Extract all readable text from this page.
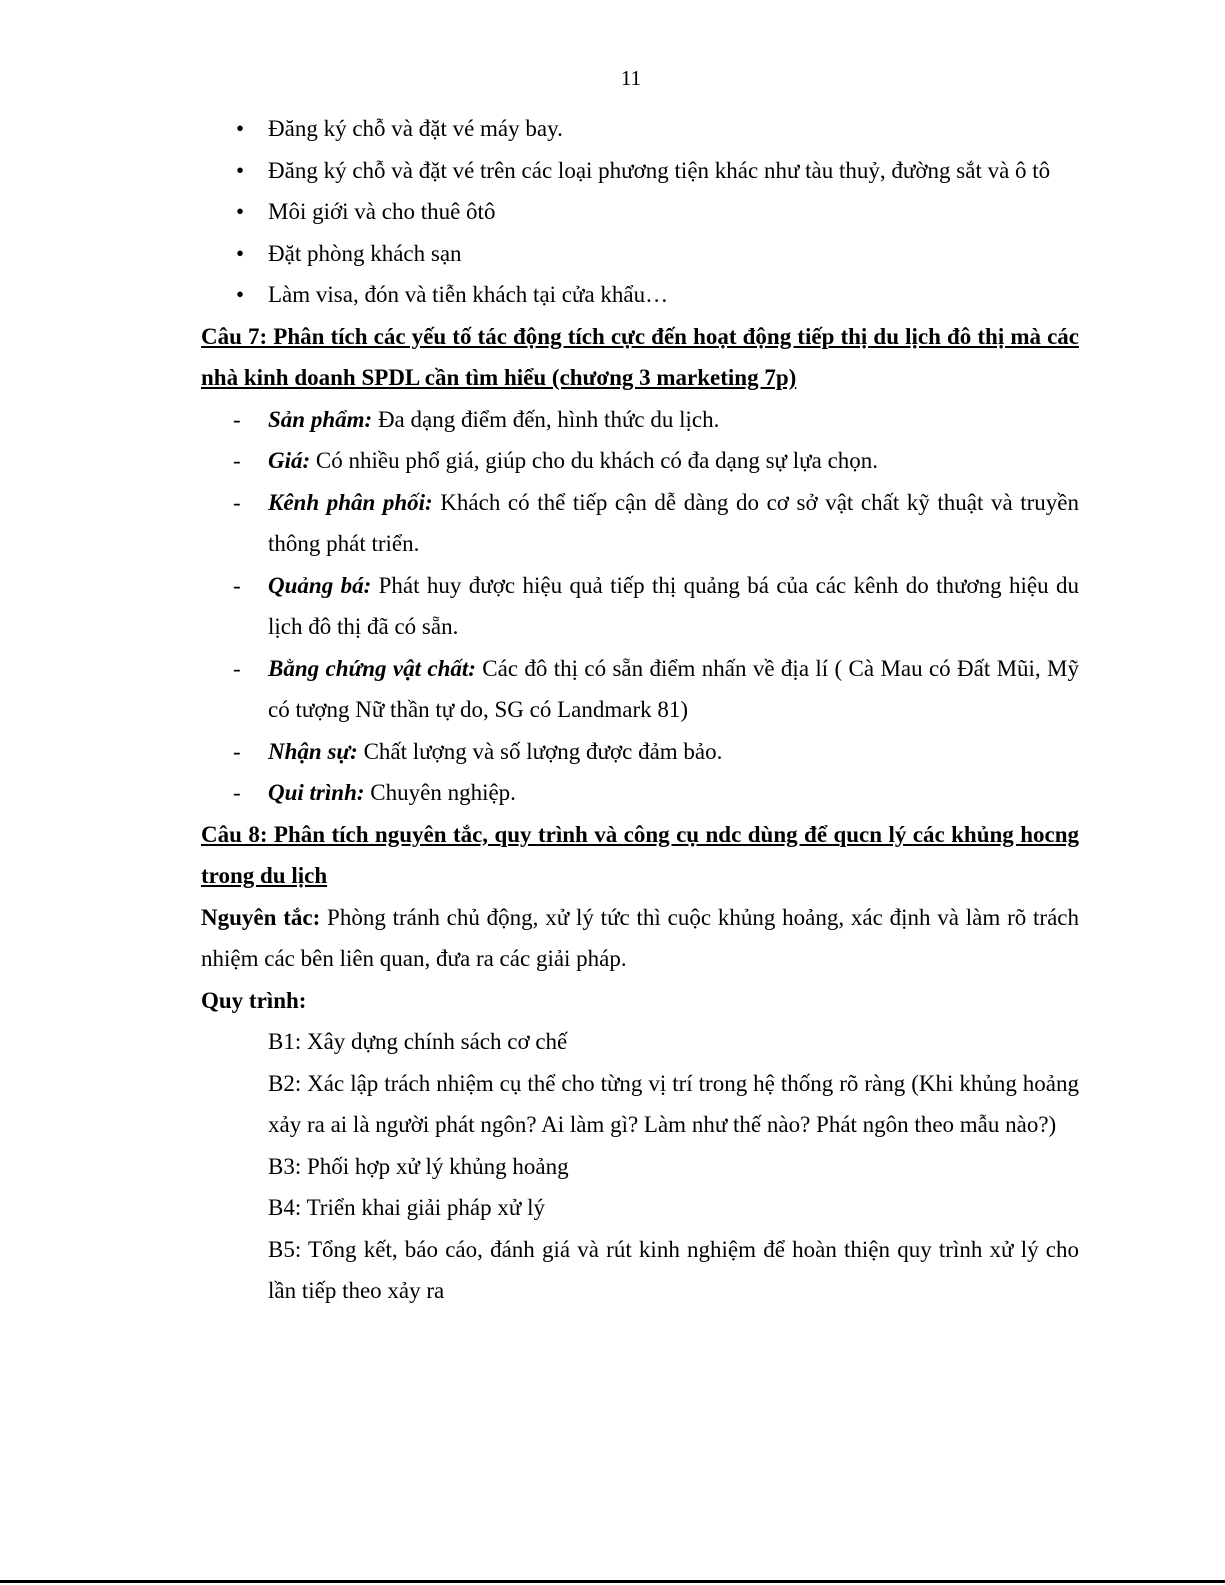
11
• Đăng ký chỗ và đặt vé máy bay.
• Đăng ký chỗ và đặt vé trên các loại phương tiện khác như tàu thuỷ, đường sắt và ô tô
• Môi giới và cho thuê ôtô
• Đặt phòng khách sạn
• Làm visa, đón và tiễn khách tại cửa khẩu…
Câu 7: Phân tích các yếu tố tác động tích cực đến hoạt động tiếp thị du lịch đô thị mà các nhà kinh doanh SPDL cần tìm hiểu (chương 3 marketing 7p)
- Sản phẩm: Đa dạng điểm đến, hình thức du lịch.
- Giá: Có nhiều phổ giá, giúp cho du khách có đa dạng sự lựa chọn.
- Kênh phân phối: Khách có thể tiếp cận dễ dàng do cơ sở vật chất kỹ thuật và truyền thông phát triển.
- Quảng bá: Phát huy được hiệu quả tiếp thị quảng bá của các kênh do thương hiệu du lịch đô thị đã có sẵn.
- Bằng chứng vật chất: Các đô thị có sẵn điểm nhấn về địa lí ( Cà Mau có Đất Mũi, Mỹ có tượng Nữ thần tự do, SG có Landmark 81)
- Nhận sự: Chất lượng và số lượng được đảm bảo.
- Qui trình: Chuyên nghiệp.
Câu 8: Phân tích nguyên tắc, quy trình và công cụ ndc dùng để qucn lý các khủng hocng trong du lịch
Nguyên tắc: Phòng tránh chủ động, xử lý tức thì cuộc khủng hoảng, xác định và làm rõ trách nhiệm các bên liên quan, đưa ra các giải pháp.
Quy trình:
B1: Xây dựng chính sách cơ chế
B2: Xác lập trách nhiệm cụ thể cho từng vị trí trong hệ thống rõ ràng (Khi khủng hoảng xảy ra ai là người phát ngôn? Ai làm gì? Làm như thế nào? Phát ngôn theo mẫu nào?)
B3: Phối hợp xử lý khủng hoảng
B4: Triển khai giải pháp xử lý
B5: Tổng kết, báo cáo, đánh giá và rút kinh nghiệm để hoàn thiện quy trình xử lý cho lần tiếp theo xảy ra
